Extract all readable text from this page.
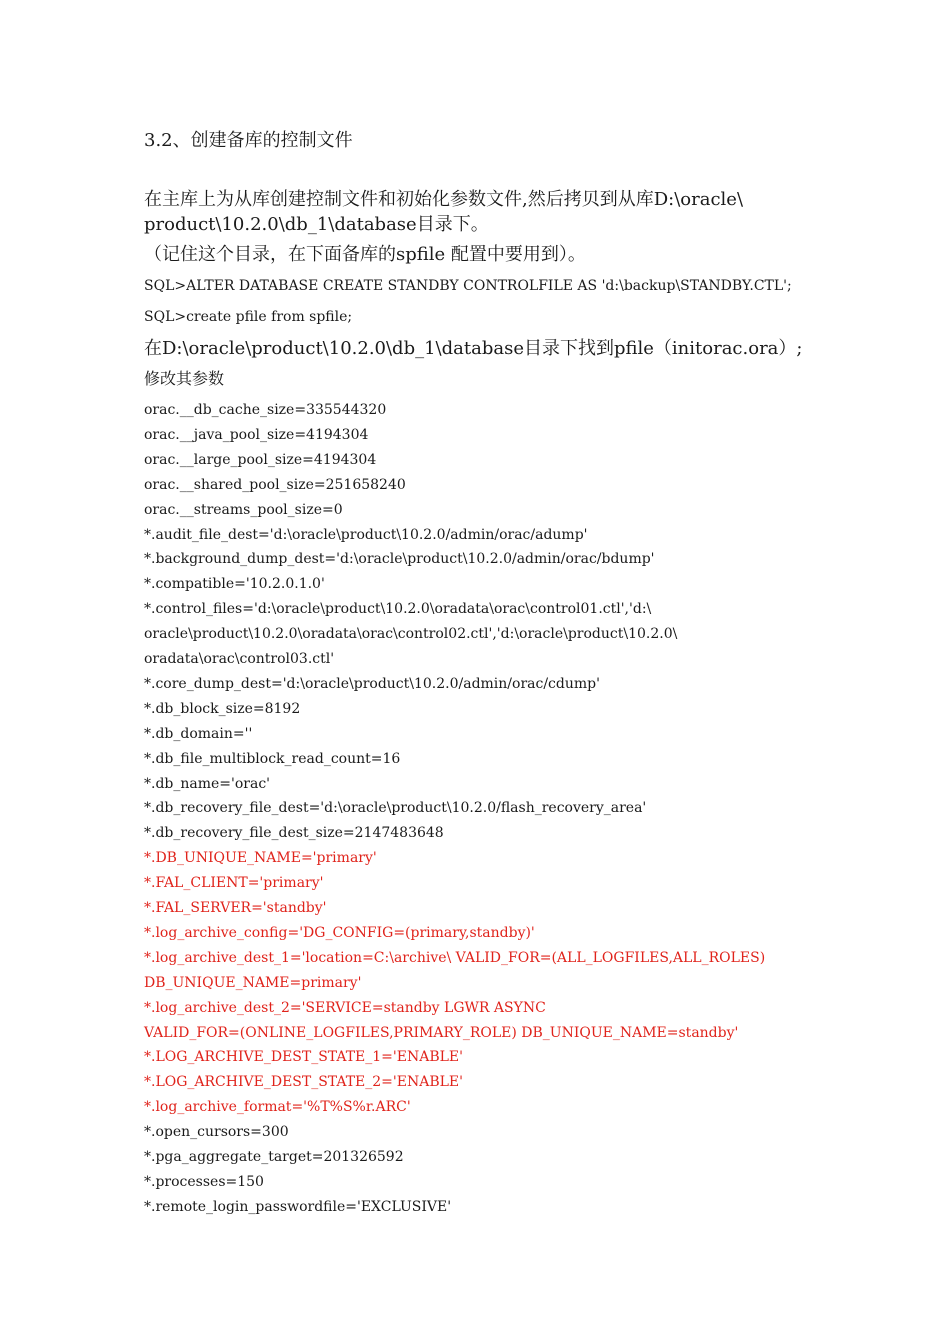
3.2、创建备库的控制文件
在主库上为从库创建控制文件和初始化参数文件,然后拷贝到从库D:\oracle\
product\10.2.0\db_1\database目录下。
（记住这个目录，在下面备库的spfile 配置中要用到）。
SQL>ALTER DATABASE CREATE STANDBY CONTROLFILE AS 'd:\backup\STANDBY.CTL';
SQL>create pfile from spfile;
在D:\oracle\product\10.2.0\db_1\database目录下找到pfile（initorac.ora）;
修改其参数
orac.__db_cache_size=335544320
orac.__java_pool_size=4194304
orac.__large_pool_size=4194304
orac.__shared_pool_size=251658240
orac.__streams_pool_size=0
*.audit_file_dest='d:\oracle\product\10.2.0/admin/orac/adump'
*.background_dump_dest='d:\oracle\product\10.2.0/admin/orac/bdump'
*.compatible='10.2.0.1.0'
*.control_files='d:\oracle\product\10.2.0\oradata\orac\control01.ctl','d:\
oracle\product\10.2.0\oradata\orac\control02.ctl','d:\oracle\product\10.2.0\
oradata\orac\control03.ctl'
*.core_dump_dest='d:\oracle\product\10.2.0/admin/orac/cdump'
*.db_block_size=8192
*.db_domain=''
*.db_file_multiblock_read_count=16
*.db_name='orac'
*.db_recovery_file_dest='d:\oracle\product\10.2.0/flash_recovery_area'
*.db_recovery_file_dest_size=2147483648
*.DB_UNIQUE_NAME='primary'
*.FAL_CLIENT='primary'
*.FAL_SERVER='standby'
*.log_archive_config='DG_CONFIG=(primary,standby)'
*.log_archive_dest_1='location=C:\archive\ VALID_FOR=(ALL_LOGFILES,ALL_ROLES)
DB_UNIQUE_NAME=primary'
*.log_archive_dest_2='SERVICE=standby LGWR ASYNC
VALID_FOR=(ONLINE_LOGFILES,PRIMARY_ROLE) DB_UNIQUE_NAME=standby'
*.LOG_ARCHIVE_DEST_STATE_1='ENABLE'
*.LOG_ARCHIVE_DEST_STATE_2='ENABLE'
*.log_archive_format='%T%S%r.ARC'
*.open_cursors=300
*.pga_aggregate_target=201326592
*.processes=150
*.remote_login_passwordfile='EXCLUSIVE'
